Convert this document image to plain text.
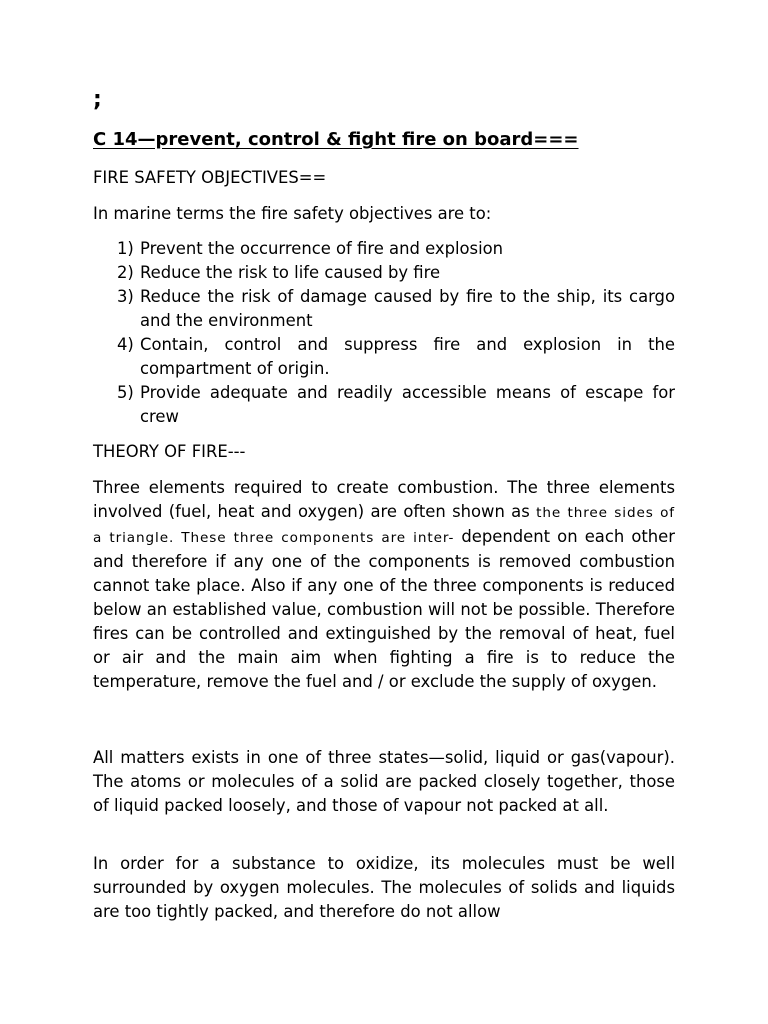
;
C 14—prevent, control & fight fire on board===
FIRE SAFETY OBJECTIVES==
In marine terms the fire safety objectives are to:
1) Prevent the occurrence of fire and explosion
2) Reduce the risk to life caused by fire
3) Reduce the risk of damage caused by fire to the ship, its cargo and the environment
4) Contain, control and suppress fire and explosion in the compartment of origin.
5) Provide adequate and readily accessible means of escape for crew
THEORY OF FIRE---
Three elements required to create combustion. The three elements involved (fuel, heat and oxygen) are often shown as the three sides of a triangle. These three components are inter- dependent on each other and therefore if any one of the components is removed combustion cannot take place. Also if any one of the three components is reduced below an established value, combustion will not be possible. Therefore fires can be controlled and extinguished by the removal of heat, fuel or air and the main aim when fighting a fire is to reduce the temperature, remove the fuel and / or exclude the supply of oxygen.
All matters exists in one of three states—solid, liquid or gas(vapour). The atoms or molecules of a solid are packed closely together, those of liquid packed loosely, and those of vapour not packed at all.
In order for a substance to oxidize, its molecules must be well surrounded by oxygen molecules. The molecules of solids and liquids are too tightly packed, and therefore do not allow
